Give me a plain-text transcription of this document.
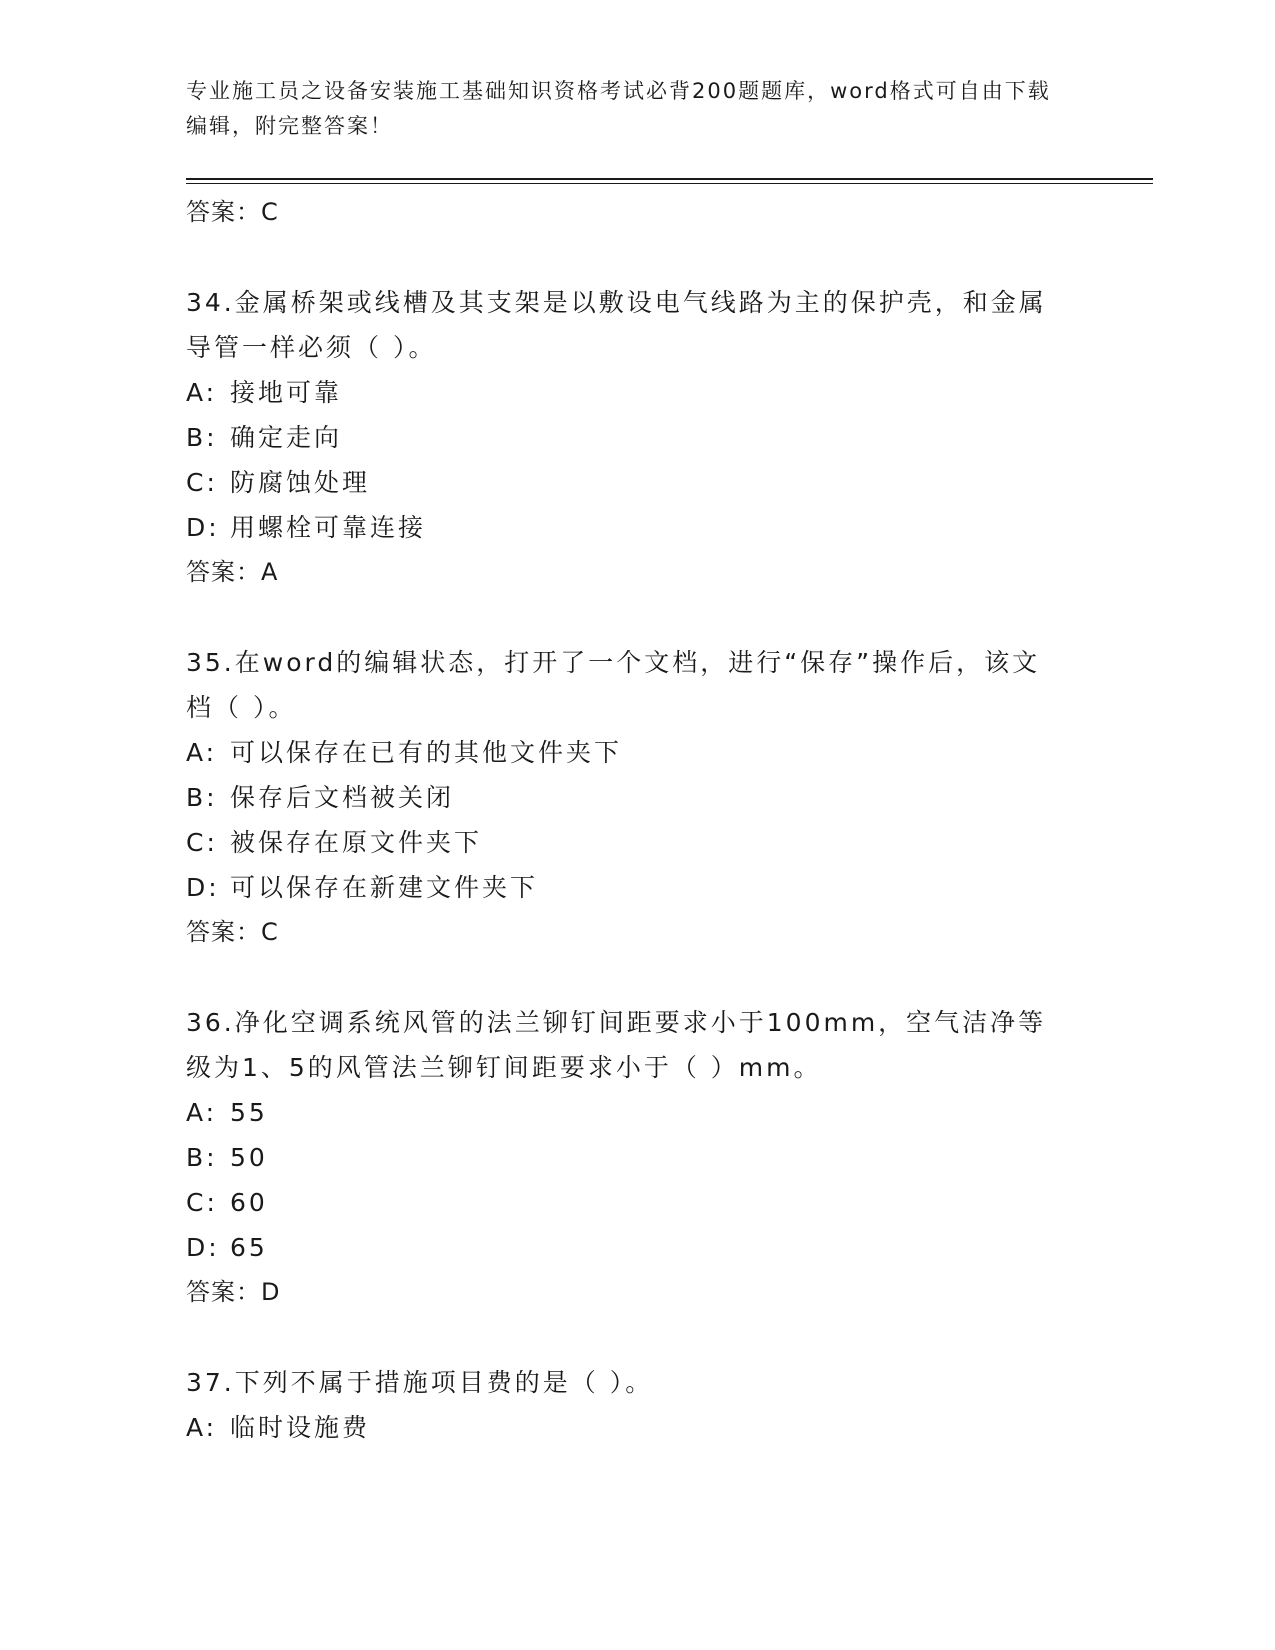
专业施工员之设备安装施工基础知识资格考试必背200题题库，word格式可自由下载编辑，附完整答案！
答案：C
34.金属桥架或线槽及其支架是以敷设电气线路为主的保护壳，和金属导管一样必须（ ）。
A: 接地可靠
B: 确定走向
C: 防腐蚀处理
D: 用螺栓可靠连接
答案：A
35.在word的编辑状态，打开了一个文档，进行“保存”操作后，该文档（ ）。
A: 可以保存在已有的其他文件夹下
B: 保存后文档被关闭
C: 被保存在原文件夹下
D: 可以保存在新建文件夹下
答案：C
36.净化空调系统风管的法兰铆钉间距要求小于100mm，空气洁净等级为1、5的风管法兰铆钉间距要求小于（ ）mm。
A: 55
B: 50
C: 60
D: 65
答案：D
37.下列不属于措施项目费的是（ ）。
A: 临时设施费
